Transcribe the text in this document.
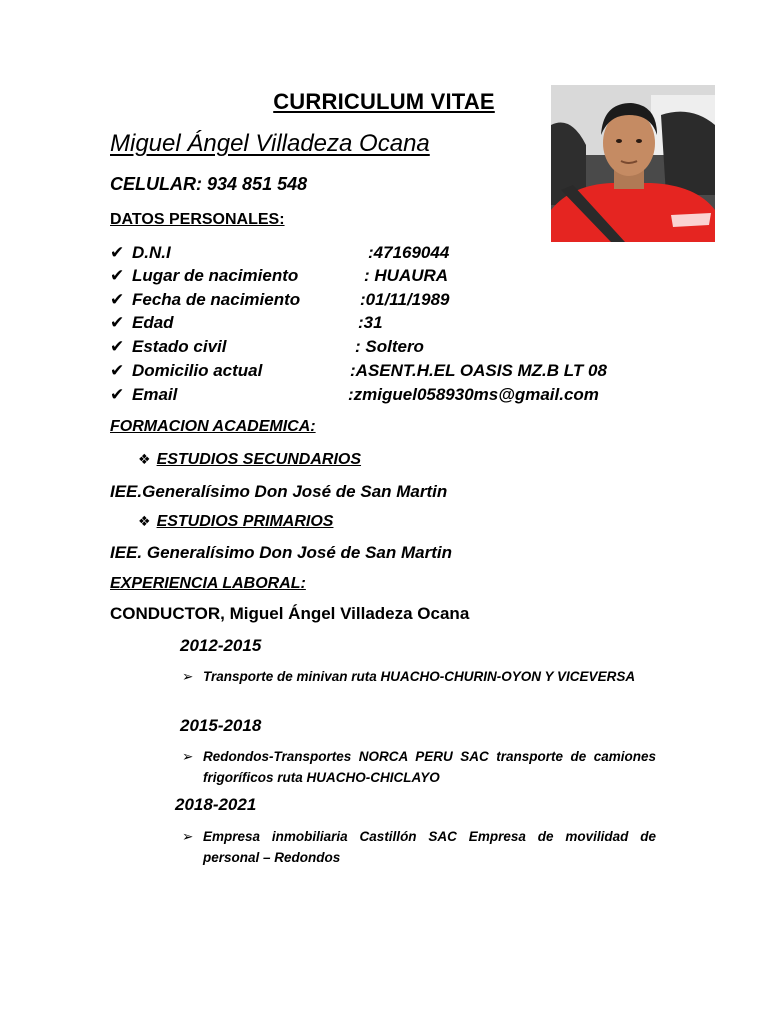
CURRICULUM VITAE
Miguel Ángel Villadeza Ocana
CELULAR: 934 851 548
DATOS PERSONALES:
✔ D.N.I	:47169044
✔ Lugar de nacimiento	: HUAURA
✔ Fecha de nacimiento	:01/11/1989
✔ Edad	:31
✔ Estado civil	: Soltero
✔ Domicilio actual	:ASENT.H.EL OASIS MZ.B LT 08
✔ Email	:zmiguel058930ms@gmail.com
FORMACION ACADEMICA:
❖ ESTUDIOS SECUNDARIOS
IEE.Generalísimo Don José de San Martin
❖ ESTUDIOS PRIMARIOS
IEE. Generalísimo Don José de San Martin
EXPERIENCIA LABORAL:
CONDUCTOR, Miguel Ángel Villadeza Ocana
2012-2015
➢ Transporte de minivan ruta HUACHO-CHURIN-OYON Y VICEVERSA
2015-2018
➢ Redondos-Transportes NORCA PERU SAC transporte de camiones frigoríficos ruta HUACHO-CHICLAYO
2018-2021
➢ Empresa inmobiliaria Castillón SAC Empresa de movilidad de personal – Redondos
